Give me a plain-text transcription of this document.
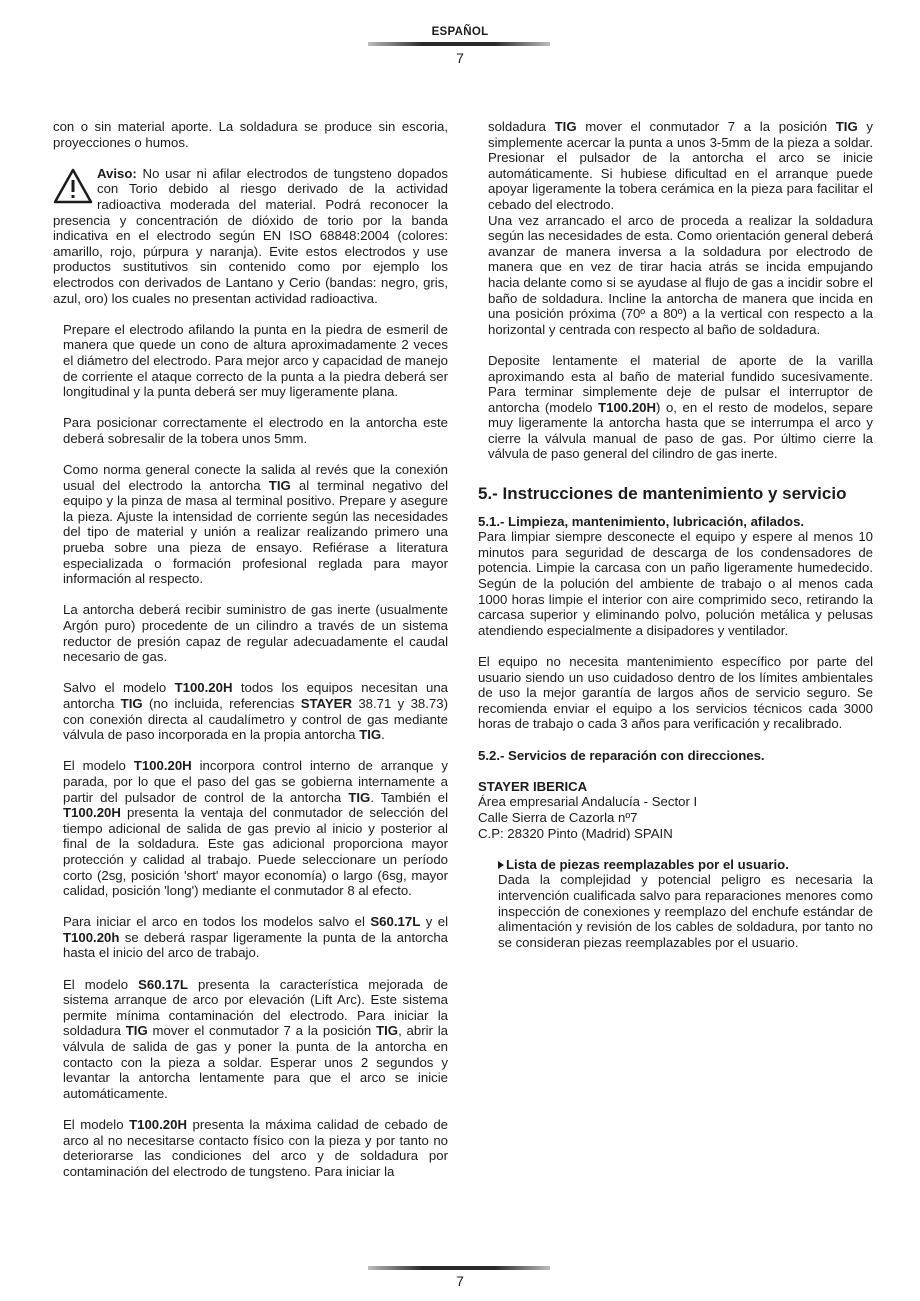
ESPAÑOL
7

con o sin material aporte. La soldadura se produce sin escoria, proyecciones o humos.

Aviso: No usar ni afilar electrodos de tungsteno dopados con Torio debido al riesgo derivado de la actividad radioactiva moderada del material. Podrá reconocer la presencia y concentración de dióxido de torio por la banda indicativa en el electrodo según EN ISO 68848:2004 (colores: amarillo, rojo, púrpura y naranja). Evite estos electrodos y use productos sustitutivos sin contenido como por ejemplo los electrodos con derivados de Lantano y Cerio (bandas: negro, gris, azul, oro) los cuales no presentan actividad radioactiva.

Prepare el electrodo afilando la punta en la piedra de esmeril de manera que quede un cono de altura aproximadamente 2 veces el diámetro del electrodo. Para mejor arco y capacidad de manejo de corriente el ataque correcto de la punta a la piedra deberá ser longitudinal y la punta deberá ser muy ligeramente plana.

Para posicionar correctamente el electrodo en la antorcha este deberá sobresalir de la tobera unos 5mm.

Como norma general conecte la salida al revés que la conexión usual del electrodo la antorcha TIG al terminal negativo del equipo y la pinza de masa al terminal positivo. Prepare y asegure la pieza. Ajuste la intensidad de corriente según las necesidades del tipo de material y unión a realizar realizando primero una prueba sobre una pieza de ensayo. Refiérase a literatura especializada o formación profesional reglada para mayor información al respecto.

La antorcha deberá recibir suministro de gas inerte (usualmente Argón puro) procedente de un cilindro a través de un sistema reductor de presión capaz de regular adecuadamente el caudal necesario de gas.

Salvo el modelo T100.20H todos los equipos necesitan una antorcha TIG (no incluida, referencias STAYER 38.71 y 38.73) con conexión directa al caudalímetro y control de gas mediante válvula de paso incorporada en la propia antorcha TIG.

El modelo T100.20H incorpora control interno de arranque y parada, por lo que el paso del gas se gobierna internamente a partir del pulsador de control de la antorcha TIG. También el T100.20H presenta la ventaja del conmutador de selección del tiempo adicional de salida de gas previo al inicio y posterior al final de la soldadura. Este gas adicional proporciona mayor protección y calidad al trabajo. Puede seleccionare un período corto (2sg, posición 'short' mayor economía) o largo (6sg, mayor calidad, posición 'long') mediante el conmutador 8 al efecto.

Para iniciar el arco en todos los modelos salvo el S60.17L y el T100.20h se deberá raspar ligeramente la punta de la antorcha hasta el inicio del arco de trabajo.

El modelo S60.17L presenta la característica mejorada de sistema arranque de arco por elevación (Lift Arc). Este sistema permite mínima contaminación del electrodo. Para iniciar la soldadura TIG mover el conmutador 7 a la posición TIG, abrir la válvula de salida de gas y poner la punta de la antorcha en contacto con la pieza a soldar. Esperar unos 2 segundos y levantar la antorcha lentamente para que el arco se inicie automáticamente.

El modelo T100.20H presenta la máxima calidad de cebado de arco al no necesitarse contacto físico con la pieza y por tanto no deteriorarse las condiciones del arco y de soldadura por contaminación del electrodo de tungsteno. Para iniciar la

soldadura TIG mover el conmutador 7 a la posición TIG y simplemente acercar la punta a unos 3-5mm de la pieza a soldar. Presionar el pulsador de la antorcha el arco se inicie automáticamente. Si hubiese dificultad en el arranque puede apoyar ligeramente la tobera cerámica en la pieza para facilitar el cebado del electrodo.

Una vez arrancado el arco de proceda a realizar la soldadura según las necesidades de esta. Como orientación general deberá avanzar de manera inversa a la soldadura por electrodo de manera que en vez de tirar hacia atrás se incida empujando hacia delante como si se ayudase al flujo de gas a incidir sobre el baño de soldadura. Incline la antorcha de manera que incida en una posición próxima (70º a 80º) a la vertical con respecto a la horizontal y centrada con respecto al baño de soldadura.

Deposite lentamente el material de aporte de la varilla aproximando esta al baño de material fundido sucesivamente. Para terminar simplemente deje de pulsar el interruptor de antorcha (modelo T100.20H) o, en el resto de modelos, separe muy ligeramente la antorcha hasta que se interrumpa el arco y cierre la válvula manual de paso de gas. Por último cierre la válvula de paso general del cilindro de gas inerte.

5.- Instrucciones de mantenimiento y servicio
5.1.- Limpieza, mantenimiento, lubricación, afilados.

Para limpiar siempre desconecte el equipo y espere al menos 10 minutos para seguridad de descarga de los condensadores de potencia. Limpie la carcasa con un paño ligeramente humedecido. Según de la polución del ambiente de trabajo o al menos cada 1000 horas limpie el interior con aire comprimido seco, retirando la carcasa superior y eliminando polvo, polución metálica y pelusas atendiendo especialmente a disipadores y ventilador.

El equipo no necesita mantenimiento específico por parte del usuario siendo un uso cuidadoso dentro de los límites ambientales de uso la mejor garantía de largos años de servicio seguro. Se recomienda enviar el equipo a los servicios técnicos cada 3000 horas de trabajo o cada 3 años para verificación y recalibrado.

5.2.- Servicios de reparación con direcciones.

STAYER IBERICA
Área empresarial Andalucía - Sector I
Calle Sierra de Cazorla nº7
C.P: 28320 Pinto (Madrid) SPAIN
Lista de piezas reemplazables por el usuario.

Dada la complejidad y potencial peligro es necesaria la intervención cualificada salvo para reparaciones menores como inspección de conexiones y reemplazo del enchufe estándar de alimentación y revisión de los cables de soldadura, por tanto no se consideran piezas reemplazables por el usuario.

7
